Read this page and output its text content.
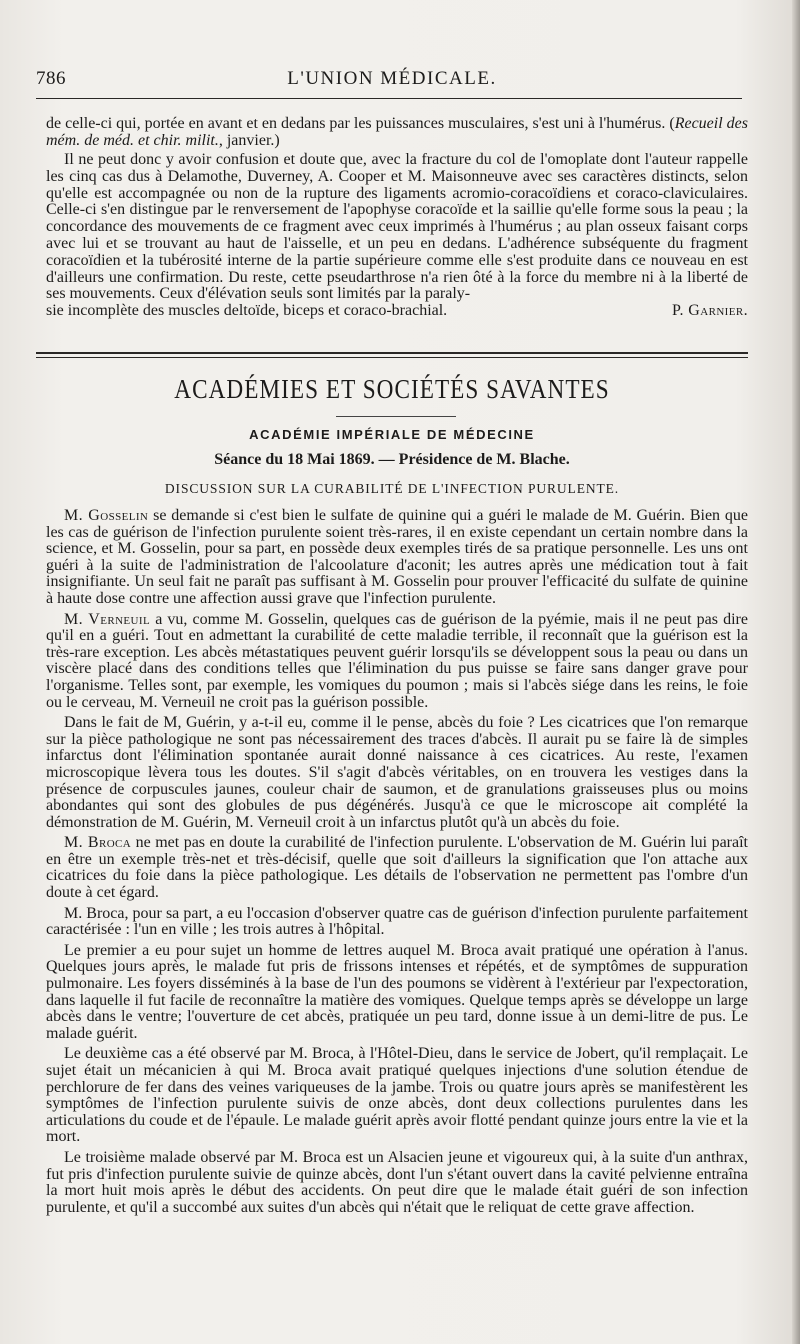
786	L'UNION MÉDICALE.

de celle-ci qui, portée en avant et en dedans par les puissances musculaires, s'est uni à l'humérus. (Recueil des mém. de méd. et chir. milit., janvier.)

Il ne peut donc y avoir confusion et doute que, avec la fracture du col de l'omoplate dont l'auteur rappelle les cinq cas dus à Delamothe, Duverney, A. Cooper et M. Maisonneuve avec ses caractères distincts, selon qu'elle est accompagnée ou non de la rupture des ligaments acromio-coracoïdiens et coraco-claviculaires. Celle-ci s'en distingue par le renversement de l'apophyse coracoïde et la saillie qu'elle forme sous la peau ; la concordance des mouvements de ce fragment avec ceux imprimés à l'humérus ; au plan osseux faisant corps avec lui et se trouvant au haut de l'aisselle, et un peu en dedans. L'adhérence subséquente du fragment coracoïdien et la tubérosité interne de la partie supérieure comme elle s'est produite dans ce nouveau en est d'ailleurs une confirmation. Du reste, cette pseudarthrose n'a rien ôté à la force du membre ni à la liberté de ses mouvements. Ceux d'élévation seuls sont limités par la paraly-

sie incomplète des muscles deltoïde, biceps et coraco-brachial.	P. Garnier.
ACADÉMIES ET SOCIÉTÉS SAVANTES
ACADÉMIE IMPÉRIALE DE MÉDECINE
Séance du 18 Mai 1869. — Présidence de M. Blache.
DISCUSSION SUR LA CURABILITÉ DE L'INFECTION PURULENTE.

M. Gosselin se demande si c'est bien le sulfate de quinine qui a guéri le malade de M. Guérin. Bien que les cas de guérison de l'infection purulente soient très-rares, il en existe cependant un certain nombre dans la science, et M. Gosselin, pour sa part, en possède deux exemples tirés de sa pratique personnelle. Les uns ont guéri à la suite de l'administration de l'alcoolature d'aconit; les autres après une médication tout à fait insignifiante. Un seul fait ne paraît pas suffisant à M. Gosselin pour prouver l'efficacité du sulfate de quinine à haute dose contre une affection aussi grave que l'infection purulente.

M. Verneuil a vu, comme M. Gosselin, quelques cas de guérison de la pyémie, mais il ne peut pas dire qu'il en a guéri. Tout en admettant la curabilité de cette maladie terrible, il reconnaît que la guérison est la très-rare exception. Les abcès métastatiques peuvent guérir lorsqu'ils se développent sous la peau ou dans un viscère placé dans des conditions telles que l'élimination du pus puisse se faire sans danger grave pour l'organisme. Telles sont, par exemple, les vomiques du poumon ; mais si l'abcès siége dans les reins, le foie ou le cerveau, M. Verneuil ne croit pas la guérison possible.

Dans le fait de M, Guérin, y a-t-il eu, comme il le pense, abcès du foie ? Les cicatrices que l'on remarque sur la pièce pathologique ne sont pas nécessairement des traces d'abcès. Il aurait pu se faire là de simples infarctus dont l'élimination spontanée aurait donné naissance à ces cicatrices. Au reste, l'examen microscopique lèvera tous les doutes. S'il s'agit d'abcès véritables, on en trouvera les vestiges dans la présence de corpuscules jaunes, couleur chair de saumon, et de granulations graisseuses plus ou moins abondantes qui sont des globules de pus dégénérés. Jusqu'à ce que le microscope ait complété la démonstration de M. Guérin, M. Verneuil croit à un infarctus plutôt qu'à un abcès du foie.

M. Broca ne met pas en doute la curabilité de l'infection purulente. L'observation de M. Guérin lui paraît en être un exemple très-net et très-décisif, quelle que soit d'ailleurs la signification que l'on attache aux cicatrices du foie dans la pièce pathologique. Les détails de l'observation ne permettent pas l'ombre d'un doute à cet égard.

M. Broca, pour sa part, a eu l'occasion d'observer quatre cas de guérison d'infection purulente parfaitement caractérisée : l'un en ville ; les trois autres à l'hôpital.

Le premier a eu pour sujet un homme de lettres auquel M. Broca avait pratiqué une opération à l'anus. Quelques jours après, le malade fut pris de frissons intenses et répétés, et de symptômes de suppuration pulmonaire. Les foyers disséminés à la base de l'un des poumons se vidèrent à l'extérieur par l'expectoration, dans laquelle il fut facile de reconnaître la matière des vomiques. Quelque temps après se développe un large abcès dans le ventre; l'ouverture de cet abcès, pratiquée un peu tard, donne issue à un demi-litre de pus. Le malade guérit.

Le deuxième cas a été observé par M. Broca, à l'Hôtel-Dieu, dans le service de Jobert, qu'il remplaçait. Le sujet était un mécanicien à qui M. Broca avait pratiqué quelques injections d'une solution étendue de perchlorure de fer dans des veines variqueuses de la jambe. Trois ou quatre jours après se manifestèrent les symptômes de l'infection purulente suivis de onze abcès, dont deux collections purulentes dans les articulations du coude et de l'épaule. Le malade guérit après avoir flotté pendant quinze jours entre la vie et la mort.

Le troisième malade observé par M. Broca est un Alsacien jeune et vigoureux qui, à la suite d'un anthrax, fut pris d'infection purulente suivie de quinze abcès, dont l'un s'étant ouvert dans la cavité pelvienne entraîna la mort huit mois après le début des accidents. On peut dire que le malade était guéri de son infection purulente, et qu'il a succombé aux suites d'un abcès qui n'était que le reliquat de cette grave affection.
